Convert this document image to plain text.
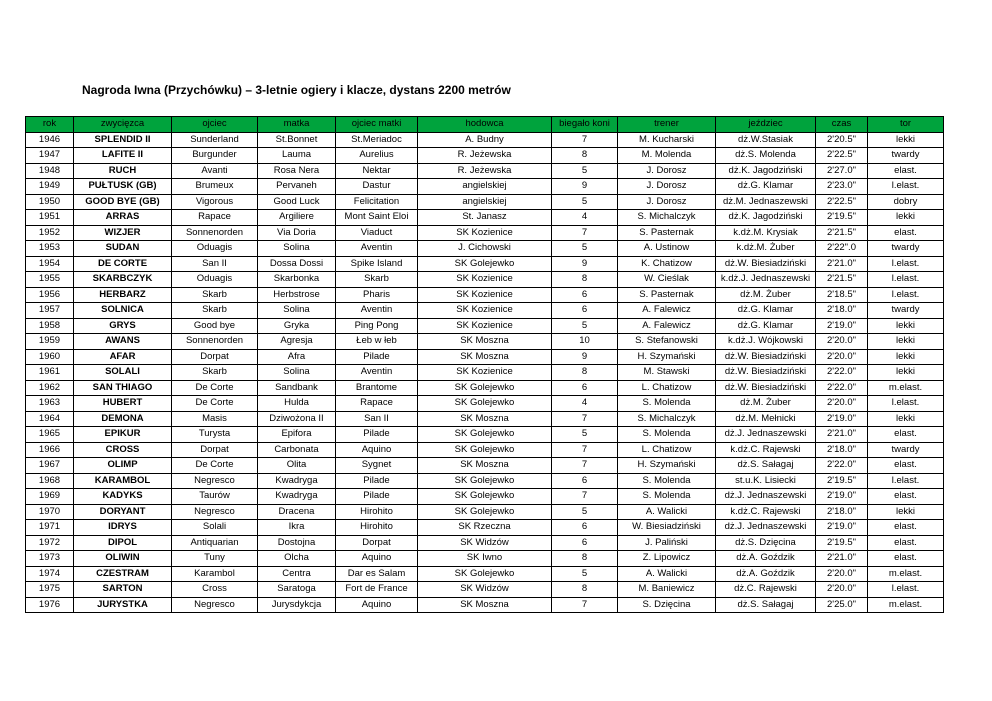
Nagroda Iwna (Przychówku) – 3-letnie ogiery i klacze, dystans 2200 metrów
rok	zwycięzca	ojciec	matka	ojciec matki	hodowca	biegało koni	trener	jeździec	czas	tor
1946	SPLENDID II	Sunderland	St.Bonnet	St.Meriadoc	A. Budny	7	M. Kucharski	dż.W.Stasiak	2'20.5"	lekki
1947	LAFITE II	Burgunder	Lauma	Aurelius	R. Jeżewska	8	M. Molenda	dż.S. Molenda	2'22.5"	twardy
1948	RUCH	Avanti	Rosa Nera	Nektar	R. Jeżewska	5	J. Dorosz	dż.K. Jagodziński	2'27.0"	elast.
1949	PUŁTUSK (GB)	Brumeux	Pervaneh	Dastur	angielskiej	9	J. Dorosz	dż.G. Klamar	2'23.0"	l.elast.
1950	GOOD BYE (GB)	Vigorous	Good Luck	Felicitation	angielskiej	5	J. Dorosz	dż.M. Jednaszewski	2'22.5"	dobry
1951	ARRAS	Rapace	Argiliere	Mont Saint Eloi	St. Janasz	4	S. Michalczyk	dż.K. Jagodziński	2'19.5"	lekki
1952	WIZJER	Sonnenorden	Via Doria	Viaduct	SK Kozienice	7	S. Pasternak	k.dż.M. Krysiak	2'21.5"	elast.
1953	SUDAN	Oduagis	Solina	Aventin	J. Cichowski	5	A. Ustinow	k.dż.M. Żuber	2'22".0	twardy
1954	DE CORTE	San II	Dossa Dossi	Spike Island	SK Golejewko	9	K. Chatizow	dż.W. Biesiadziński	2'21.0"	l.elast.
1955	SKARBCZYK	Oduagis	Skarbonka	Skarb	SK Kozienice	8	W. Cieślak	k.dż.J. Jednaszewski	2'21.5"	l.elast.
1956	HERBARZ	Skarb	Herbstrose	Pharis	SK Kozienice	6	S. Pasternak	dż.M. Żuber	2'18.5"	l.elast.
1957	SOLNICA	Skarb	Solina	Aventin	SK Kozienice	6	A. Falewicz	dż.G. Klamar	2'18.0"	twardy
1958	GRYS	Good bye	Gryka	Ping Pong	SK Kozienice	5	A. Falewicz	dż.G. Klamar	2'19.0"	lekki
1959	AWANS	Sonnenorden	Agresja	Łeb w łeb	SK Moszna	10	S. Stefanowski	k.dż.J. Wójkowski	2'20.0"	lekki
1960	AFAR	Dorpat	Afra	Pilade	SK Moszna	9	H. Szymański	dż.W. Biesiadziński	2'20.0"	lekki
1961	SOLALI	Skarb	Solina	Aventin	SK Kozienice	8	M. Stawski	dż.W. Biesiadziński	2'22.0"	lekki
1962	SAN THIAGO	De Corte	Sandbank	Brantome	SK Golejewko	6	L. Chatizow	dż.W. Biesiadziński	2'22.0"	m.elast.
1963	HUBERT	De Corte	Hulda	Rapace	SK Golejewko	4	S. Molenda	dż.M. Żuber	2'20.0"	l.elast.
1964	DEMONA	Masis	Dziwożona II	San II	SK Moszna	7	S. Michalczyk	dż.M. Mełnicki	2'19.0"	lekki
1965	EPIKUR	Turysta	Epifora	Pilade	SK Golejewko	5	S. Molenda	dż.J. Jednaszewski	2'21.0"	elast.
1966	CROSS	Dorpat	Carbonata	Aquino	SK Golejewko	7	L. Chatizow	k.dż.C. Rajewski	2'18.0"	twardy
1967	OLIMP	De Corte	Olita	Sygnet	SK Moszna	7	H. Szymański	dż.S. Sałagaj	2'22.0"	elast.
1968	KARAMBOL	Negresco	Kwadryga	Pilade	SK Golejewko	6	S. Molenda	st.u.K. Lisiecki	2'19.5"	l.elast.
1969	KADYKS	Taurów	Kwadryga	Pilade	SK Golejewko	7	S. Molenda	dż.J. Jednaszewski	2'19.0"	elast.
1970	DORYANT	Negresco	Dracena	Hirohito	SK Golejewko	5	A. Walicki	k.dż.C. Rajewski	2'18.0"	lekki
1971	IDRYS	Solali	Ikra	Hirohito	SK Rzeczna	6	W. Biesiadziński	dż.J. Jednaszewski	2'19.0"	elast.
1972	DIPOL	Antiquarian	Dostojna	Dorpat	SK Widzów	6	J. Paliński	dż.S. Dzięcina	2'19.5"	elast.
1973	OLIWIN	Tuny	Olcha	Aquino	SK Iwno	8	Z. Lipowicz	dż.A. Goździk	2'21.0"	elast.
1974	CZESTRAM	Karambol	Centra	Dar es Salam	SK Golejewko	5	A. Walicki	dż.A. Goździk	2'20.0"	m.elast.
1975	SARTON	Cross	Saratoga	Fort de France	SK Widzów	8	M. Baniewicz	dż.C. Rajewski	2'20.0"	l.elast.
1976	JURYSTKA	Negresco	Jurysdykcja	Aquino	SK Moszna	7	S. Dzięcina	dż.S. Sałagaj	2'25.0"	m.elast.
